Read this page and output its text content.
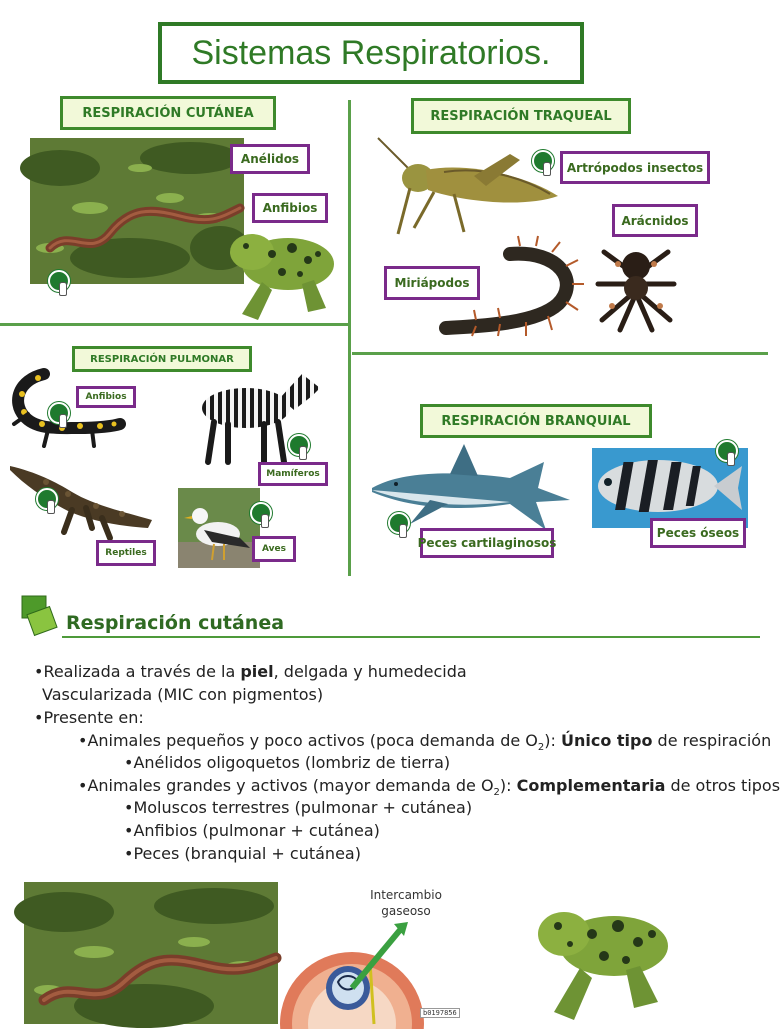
Sistemas Respiratorios.
RESPIRACIÓN CUTÁNEA
Anélidos
Anfibios
RESPIRACIÓN TRAQUEAL
Artrópodos insectos
Arácnidos
Miriápodos
RESPIRACIÓN PULMONAR
Anfibios
Mamíferos
Reptiles	Aves
RESPIRACIÓN BRANQUIAL
Peces cartilaginosos
Peces óseos
Respiración cutánea
•Realizada a través de la piel, delgada y humedecida
Vascularizada (MIC con pigmentos)
•Presente en:
•Animales pequeños y poco activos (poca demanda de $O_2$): Único tipo de respiración
•Anélidos oligoquetos (lombriz de tierra)
•Animales grandes y activos (mayor demanda de $O_2$): Complementaria de otros tipos
•Moluscos terrestres (pulmonar + cutánea)
•Anfibios (pulmonar + cutánea)
•Peces (branquial + cutánea)
Intercambio
gaseoso
b0197856
